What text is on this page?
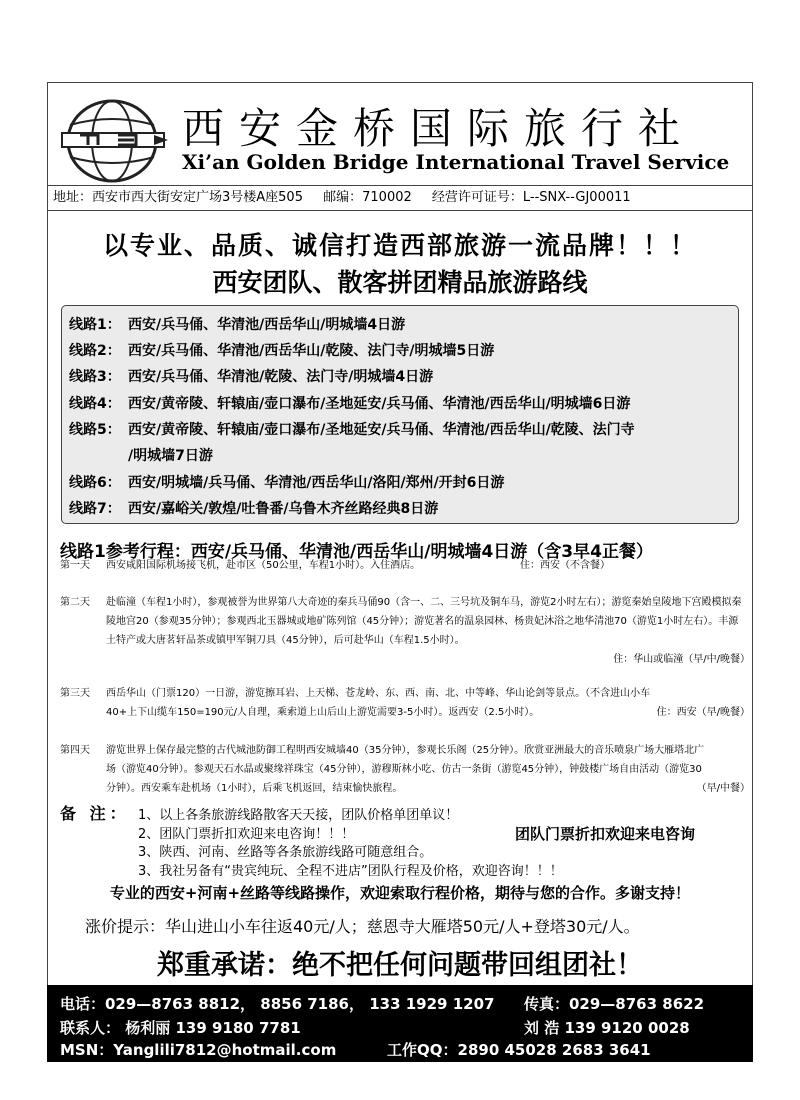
西安金桥国际旅行社
Xi’an Golden Bridge International Travel Service
地址：西安市西大街安定广场3号楼A座505 邮编：710002 经营许可证号：L--SNX--GJ00011
以专业、品质、诚信打造西部旅游一流品牌！！！
西安团队、散客拼团精品旅游路线
线路1： 西安/兵马俑、华清池/西岳华山/明城墙4日游
线路2： 西安/兵马俑、华清池/西岳华山/乾陵、法门寺/明城墙5日游
线路3： 西安/兵马俑、华清池/乾陵、法门寺/明城墙4日游
线路4： 西安/黄帝陵、轩辕庙/壶口瀑布/圣地延安/兵马俑、华清池/西岳华山/明城墙6日游
线路5： 西安/黄帝陵、轩辕庙/壶口瀑布/圣地延安/兵马俑、华清池/西岳华山/乾陵、法门寺
/明城墙7日游
线路6： 西安/明城墙/兵马俑、华清池/西岳华山/洛阳/郑州/开封6日游
线路7： 西安/嘉峪关/敦煌/吐鲁番/乌鲁木齐丝路经典8日游
线路1参考行程：西安/兵马俑、华清池/西岳华山/明城墙4日游（含3早4正餐）
第一天	西安咸阳国际机场接飞机，赴市区（50公里，车程1小时）。入住酒店。	住：西安（不含餐）
第二天	赴临潼（车程1小时），参观被誉为世界第八大奇迹的秦兵马俑90（含一、二、三号坑及铜车马，游览2小时左右）；游览秦始皇陵地下宫殿模拟秦陵地宫20（参观35分钟）；参观西北玉器城或地矿陈列馆（45分钟）；游览著名的温泉园林、杨贵妃沐浴之地华清池70（游览1小时左右）。丰源土特产或大唐茗轩品茶或镇甲军铜刀具（45分钟），后可赴华山（车程1.5小时）。
住：华山或临潼（早/中/晚餐）
第三天	西岳华山（门票120）一日游，游览擦耳岩、上天梯、苍龙岭、东、西、南、北、中等峰、华山论剑等景点。（不含进山小车40+上下山缆车150=190元/人自理，乘索道上山后山上游览需要3-5小时）。返西安（2.5小时）。	住：西安（早/晚餐）
第四天	游览世界上保存最完整的古代城池防御工程明西安城墙40（35分钟），参观长乐阁（25分钟）。欣赏亚洲最大的音乐喷泉广场大雁塔北广场（游览40分钟）。参观天石水晶或聚缘祥珠宝（45分钟），游穆斯林小吃、仿古一条街（游览45分钟），钟鼓楼广场自由活动（游览30分钟）。西安乘车赴机场（1小时），后乘飞机返回，结束愉快旅程。	（早/中餐）
备 注： 1、以上各条旅游线路散客天天接，团队价格单团单议！
2、团队门票折扣欢迎来电咨询！！！
3、陕西、河南、丝路等各条旅游线路可随意组合。
3、我社另备有“贵宾纯玩、全程不进店”团队行程及价格，欢迎咨询！！！
团队门票折扣欢迎来电咨询
专业的西安+河南+丝路等线路操作，欢迎索取行程价格，期待与您的合作。多谢支持！
涨价提示：华山进山小车往返40元/人；慈恩寺大雁塔50元/人+登塔30元/人。
郑重承诺：绝不把任何问题带回组团社！
电话：029—8763 8812， 8856 7186， 133 1929 1207 传真：029—8763 8622
联系人： 杨利丽 139 9180 7781	刘 浩 139 9120 0028
MSN：Yanglili7812@hotmail.com	工作QQ：2890 45028 2683 3641
